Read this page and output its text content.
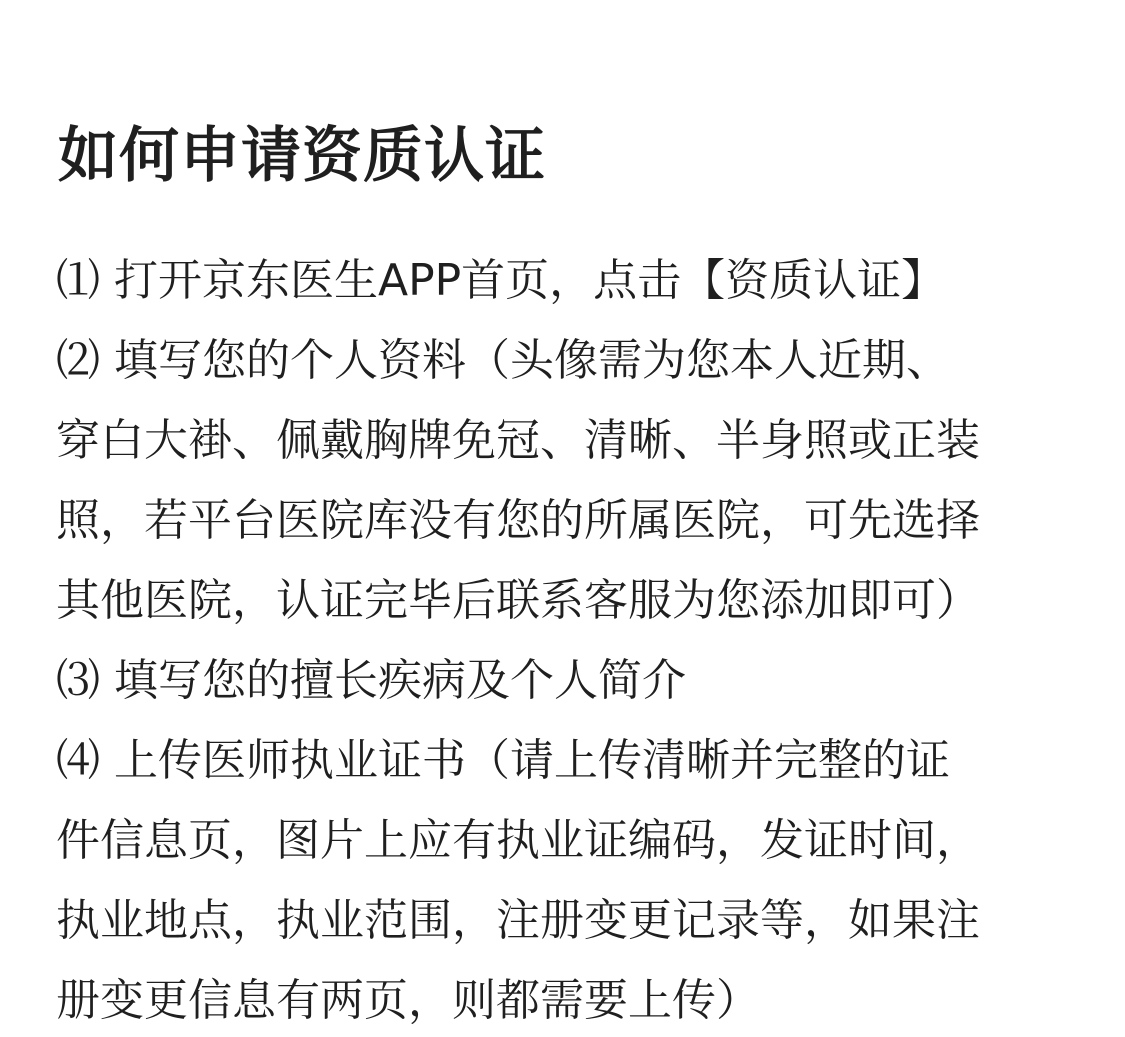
如何申请资质认证
⑴ 打开京东医生APP首页，点击【资质认证】
⑵ 填写您的个人资料（头像需为您本人近期、
穿白大褂、佩戴胸牌免冠、清晰、半身照或正装
照，若平台医院库没有您的所属医院，可先选择
其他医院，认证完毕后联系客服为您添加即可）
⑶ 填写您的擅长疾病及个人简介
⑷ 上传医师执业证书（请上传清晰并完整的证
件信息页，图片上应有执业证编码，发证时间，
执业地点，执业范围，注册变更记录等，如果注
册变更信息有两页，则都需要上传）
